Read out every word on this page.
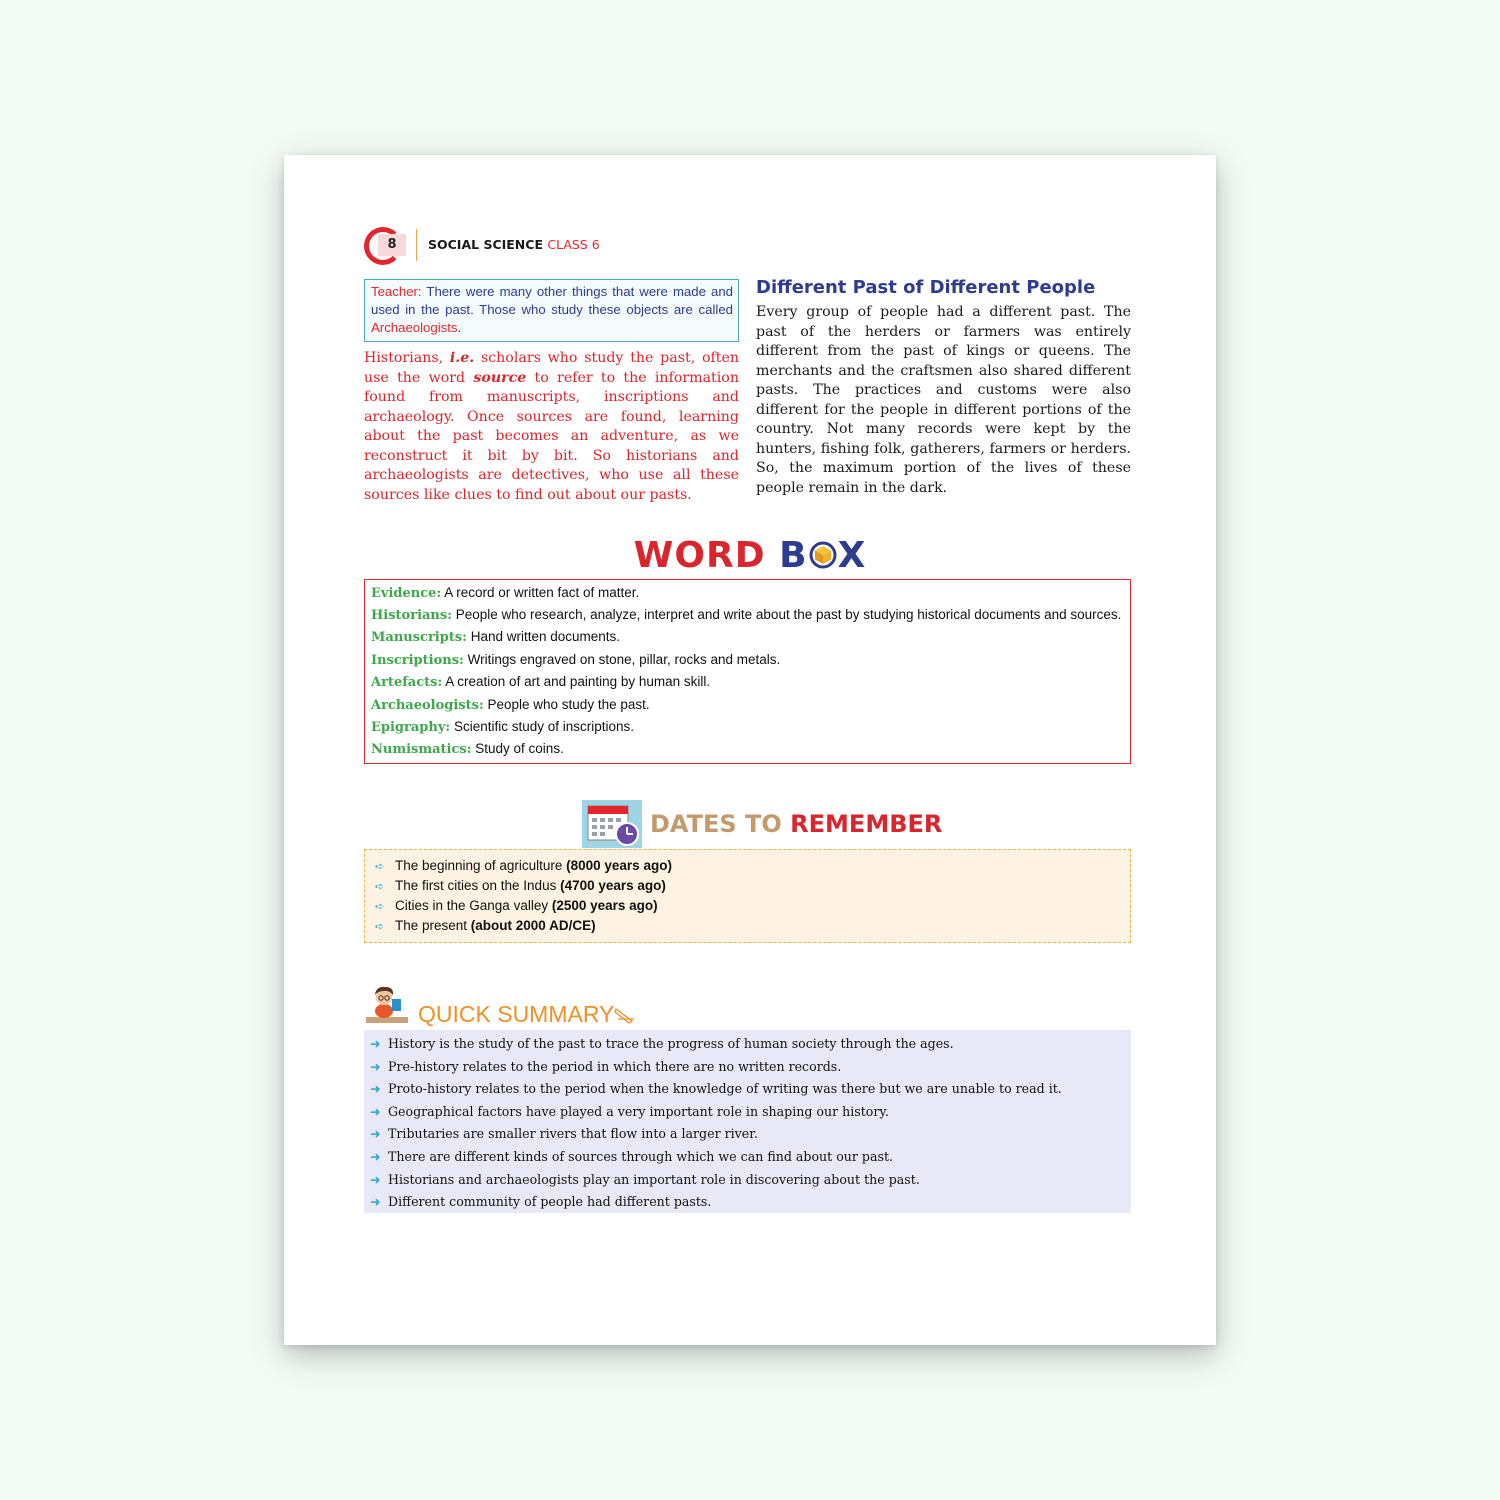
8	SOCIAL SCIENCE CLASS 6
Teacher: There were many other things that were made and used in the past. Those who study these objects are called Archaeologists.

Historians, i.e. scholars who study the past, often use the word source to refer to the information found from manuscripts, inscriptions and archaeology. Once sources are found, learning about the past becomes an adventure, as we reconstruct it bit by bit. So historians and archaeologists are detectives, who use all these sources like clues to find out about our pasts.

Different Past of Different People

Every group of people had a different past. The past of the herders or farmers was entirely different from the past of kings or queens. The merchants and the craftsmen also shared different pasts. The practices and customs were also different for the people in different portions of the country. Not many records were kept by the hunters, fishing folk, gatherers, farmers or herders. So, the maximum portion of the lives of these people remain in the dark.

WORD B X
Evidence: A record or written fact of matter.
Historians: People who research, analyze, interpret and write about the past by studying historical documents and sources.
Manuscripts: Hand written documents.
Inscriptions: Writings engraved on stone, pillar, rocks and metals.
Artefacts: A creation of art and painting by human skill.
Archaeologists: People who study the past.
Epigraphy: Scientific study of inscriptions.
Numismatics: Study of coins.
DATES TO REMEMBER
➪ The beginning of agriculture (8000 years ago)
➪ The first cities on the Indus (4700 years ago)
➪ Cities in the Ganga valley (2500 years ago)
➪ The present (about 2000 AD/CE)
QUICK SUMMARY
➜ History is the study of the past to trace the progress of human society through the ages.
➜ Pre-history relates to the period in which there are no written records.
➜ Proto-history relates to the period when the knowledge of writing was there but we are unable to read it.
➜ Geographical factors have played a very important role in shaping our history.
➜ Tributaries are smaller rivers that flow into a larger river.
➜ There are different kinds of sources through which we can find about our past.
➜ Historians and archaeologists play an important role in discovering about the past.
➜ Different community of people had different pasts.
